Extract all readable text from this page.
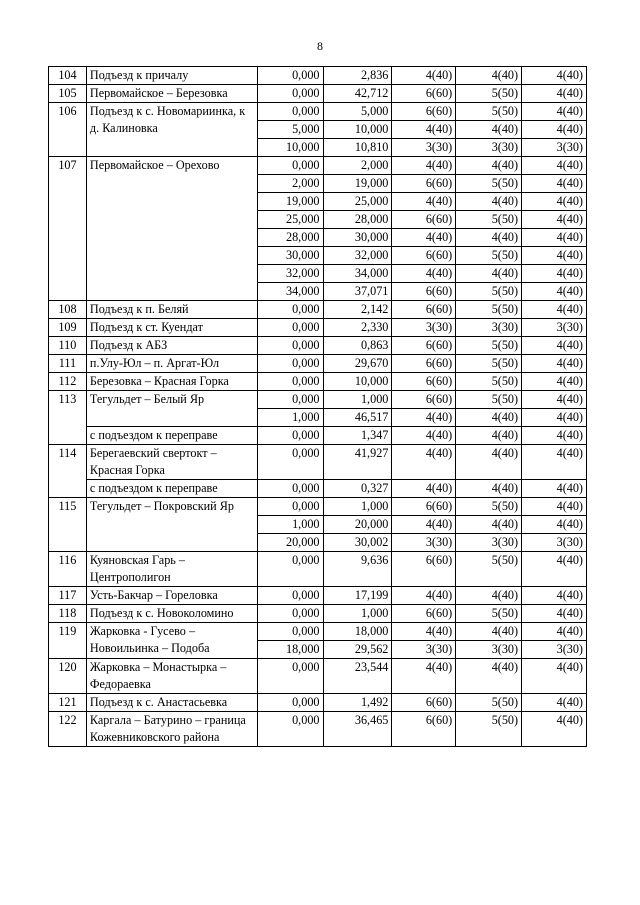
8
104	Подъезд к причалу	0,000	2,836	4(40)	4(40)	4(40)
105	Первомайское – Березовка	0,000	42,712	6(60)	5(50)	4(40)
106	Подъезд к с. Новомариинка, к д. Калиновка	0,000	5,000	6(60)	5(50)	4(40)
		5,000	10,000	4(40)	4(40)	4(40)
		10,000	10,810	3(30)	3(30)	3(30)
107	Первомайское – Орехово	0,000	2,000	4(40)	4(40)	4(40)
		2,000	19,000	6(60)	5(50)	4(40)
		19,000	25,000	4(40)	4(40)	4(40)
		25,000	28,000	6(60)	5(50)	4(40)
		28,000	30,000	4(40)	4(40)	4(40)
		30,000	32,000	6(60)	5(50)	4(40)
		32,000	34,000	4(40)	4(40)	4(40)
		34,000	37,071	6(60)	5(50)	4(40)
108	Подъезд к п. Беляй	0,000	2,142	6(60)	5(50)	4(40)
109	Подъезд к ст. Куендат	0,000	2,330	3(30)	3(30)	3(30)
110	Подъезд к АБЗ	0,000	0,863	6(60)	5(50)	4(40)
111	п.Улу-Юл – п. Аргат-Юл	0,000	29,670	6(60)	5(50)	4(40)
112	Березовка – Красная Горка	0,000	10,000	6(60)	5(50)	4(40)
113	Тегульдет – Белый Яр	0,000	1,000	6(60)	5(50)	4(40)
		1,000	46,517	4(40)	4(40)	4(40)
	с подъездом к переправе	0,000	1,347	4(40)	4(40)	4(40)
114	Берегаевский свертокт – Красная Горка	0,000	41,927	4(40)	4(40)	4(40)
	с подъездом к переправе	0,000	0,327	4(40)	4(40)	4(40)
115	Тегульдет – Покровский Яр	0,000	1,000	6(60)	5(50)	4(40)
		1,000	20,000	4(40)	4(40)	4(40)
		20,000	30,002	3(30)	3(30)	3(30)
116	Куяновская Гарь – Центрополигон	0,000	9,636	6(60)	5(50)	4(40)
117	Усть-Бакчар – Гореловка	0,000	17,199	4(40)	4(40)	4(40)
118	Подъезд к с. Новоколомино	0,000	1,000	6(60)	5(50)	4(40)
119	Жарковка - Гусево – Новоильинка – Подоба	0,000	18,000	4(40)	4(40)	4(40)
		18,000	29,562	3(30)	3(30)	3(30)
120	Жарковка – Монастырка – Федораевка	0,000	23,544	4(40)	4(40)	4(40)
121	Подъезд к с. Анастасьевка	0,000	1,492	6(60)	5(50)	4(40)
122	Каргала – Батурино – граница Кожевниковского района	0,000	36,465	6(60)	5(50)	4(40)
